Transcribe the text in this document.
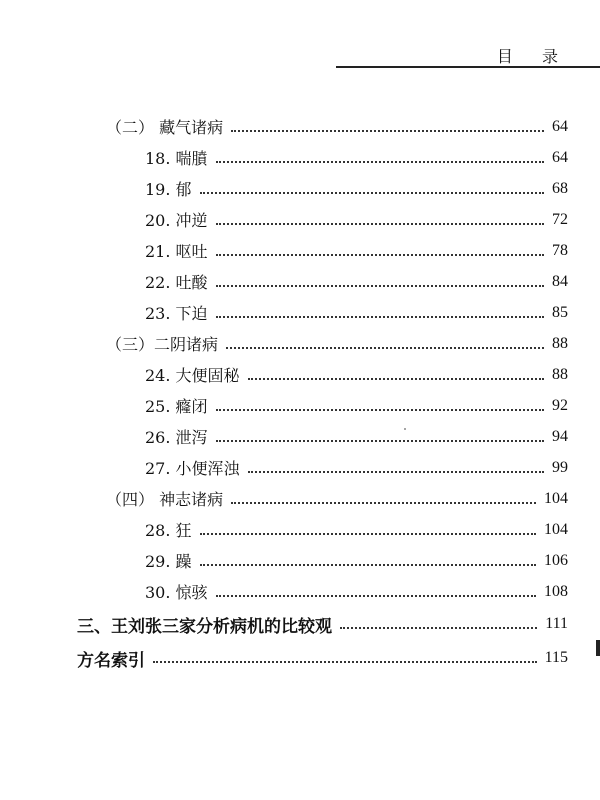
目 录
（二） 藏气诸病	64
18. 喘膹	64
19. 郁	68
20. 冲逆	72
21. 呕吐	78
22. 吐酸	84
23. 下迫	85
（三）二阴诸病	88
24. 大便固秘	88
25. 癃闭	92
26. 泄泻	94
27. 小便浑浊	99
（四） 神志诸病	104
28. 狂	104
29. 躁	106
30. 惊骇	108
三、王刘张三家分析病机的比较观	111
方名索引	115
